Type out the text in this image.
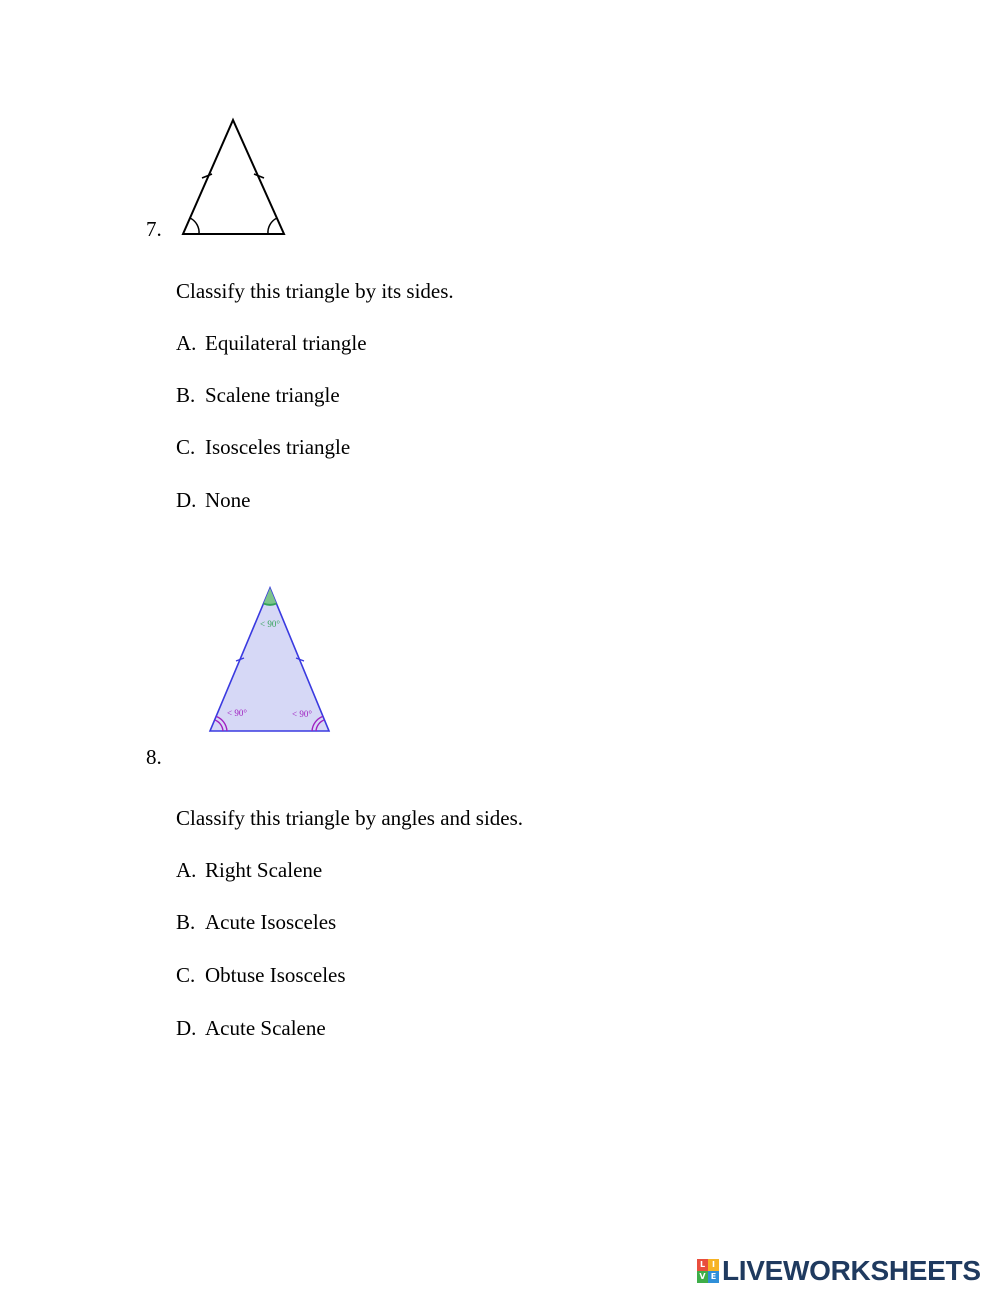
7.
Classify this triangle by its sides.
A. Equilateral triangle
B. Scalene triangle
C. Isosceles triangle
D. None
< 90°
< 90°	< 90°
8.
Classify this triangle by angles and sides.
A. Right Scalene
B. Acute Isosceles
C. Obtuse Isosceles
D. Acute Scalene
L I
V E LIVEWORKSHEETS
